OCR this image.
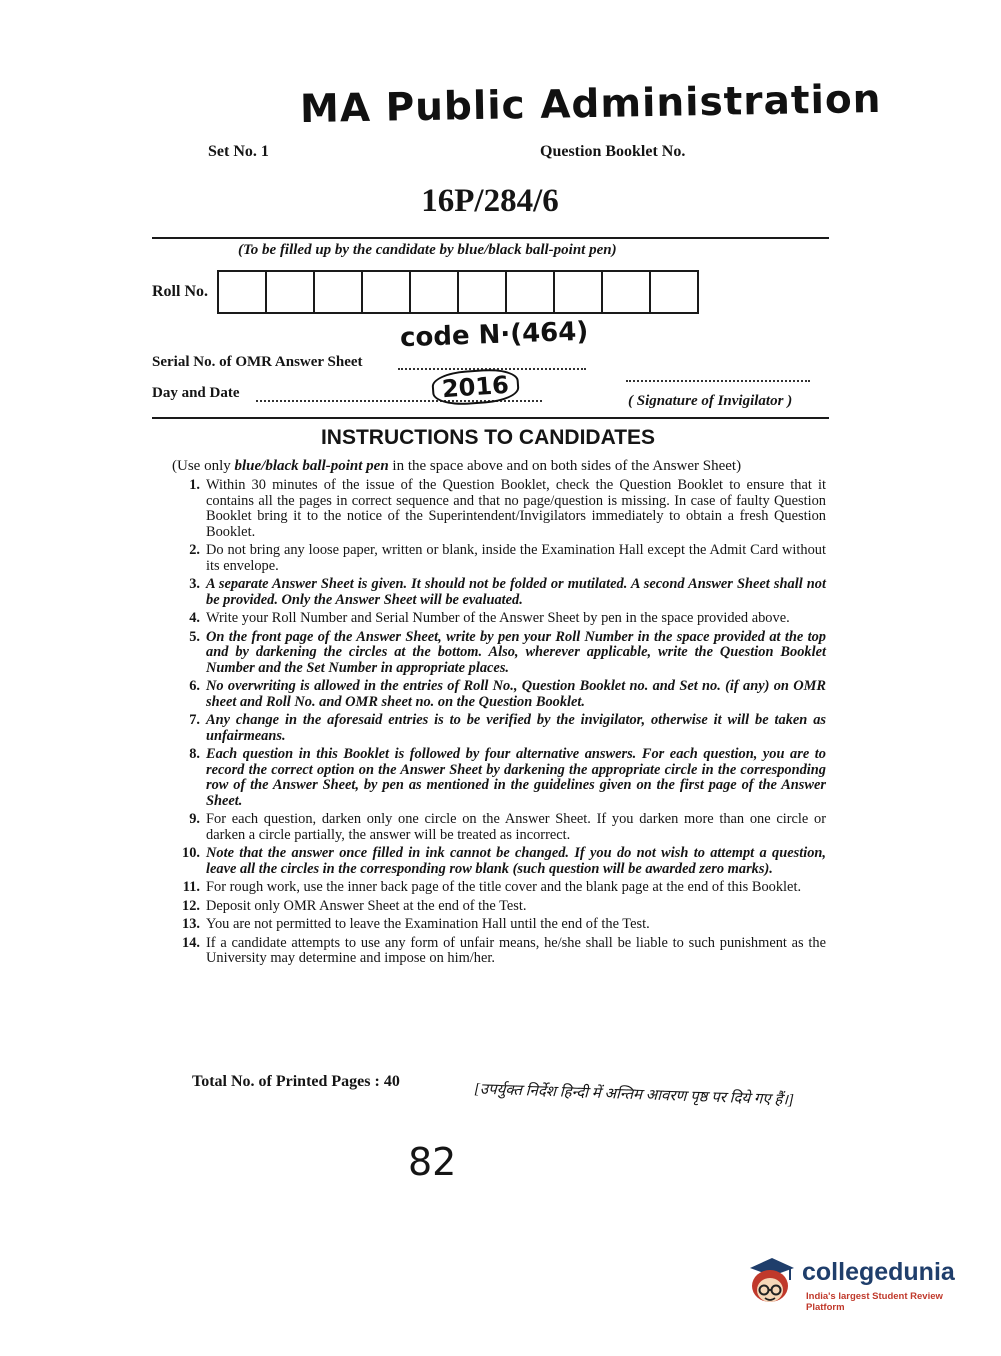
MA Public Administration
Set No. 1	Question Booklet No.
16P/284/6
(To be filled up by the candidate by blue/black ball-point pen)
Roll No.
code N·(464)
Serial No. of OMR Answer Sheet
Day and Date	2016	( Signature of Invigilator )
INSTRUCTIONS TO CANDIDATES
(Use only blue/black ball-point pen in the space above and on both sides of the Answer Sheet)
1. Within 30 minutes of the issue of the Question Booklet, check the Question Booklet to ensure that it contains all the pages in correct sequence and that no page/question is missing. In case of faulty Question Booklet bring it to the notice of the Superintendent/Invigilators immediately to obtain a fresh Question Booklet.
2. Do not bring any loose paper, written or blank, inside the Examination Hall except the Admit Card without its envelope.
3. A separate Answer Sheet is given. It should not be folded or mutilated. A second Answer Sheet shall not be provided. Only the Answer Sheet will be evaluated.
4. Write your Roll Number and Serial Number of the Answer Sheet by pen in the space provided above.
5. On the front page of the Answer Sheet, write by pen your Roll Number in the space provided at the top and by darkening the circles at the bottom. Also, wherever applicable, write the Question Booklet Number and the Set Number in appropriate places.
6. No overwriting is allowed in the entries of Roll No., Question Booklet no. and Set no. (if any) on OMR sheet and Roll No. and OMR sheet no. on the Question Booklet.
7. Any change in the aforesaid entries is to be verified by the invigilator, otherwise it will be taken as unfairmeans.
8. Each question in this Booklet is followed by four alternative answers. For each question, you are to record the correct option on the Answer Sheet by darkening the appropriate circle in the corresponding row of the Answer Sheet, by pen as mentioned in the guidelines given on the first page of the Answer Sheet.
9. For each question, darken only one circle on the Answer Sheet. If you darken more than one circle or darken a circle partially, the answer will be treated as incorrect.
10. Note that the answer once filled in ink cannot be changed. If you do not wish to attempt a question, leave all the circles in the corresponding row blank (such question will be awarded zero marks).
11. For rough work, use the inner back page of the title cover and the blank page at the end of this Booklet.
12. Deposit only OMR Answer Sheet at the end of the Test.
13. You are not permitted to leave the Examination Hall until the end of the Test.
14. If a candidate attempts to use any form of unfair means, he/she shall be liable to such punishment as the University may determine and impose on him/her.
Total No. of Printed Pages : 40	[उपर्युक्त निर्देश हिन्दी में अन्तिम आवरण पृष्ठ पर दिये गए हैं।]
82
collegedunia
India's largest Student Review Platform
